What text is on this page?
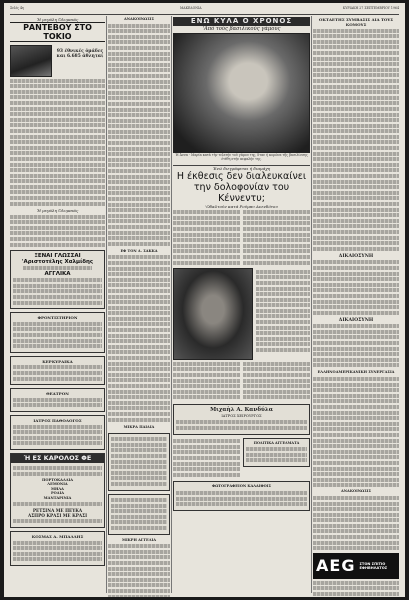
Σελίς 4η	ΜΑΚΕΔΟΝΙΑ	ΚΥΡΙΑΚΗ 27 ΣΕΠΤΕΜΒΡΙΟΥ 1964
Ή μεγάλη Όλυμπιάς
ΡΑΝΤΕΒΟΥ ΣΤΟ ΤΟΚΙΟ
93 έθνικές όμάδες και 6.685 άθληταί
Ή μεγάλη Όλυμπιάς
ΞΕΝΑΙ ΓΛΩΣΣΑΙ
'Αριστοτέλης Χαλμίδης
ΑΓΓΛΙΚΑ
ΦΡΟΝΤΙΣΤΗΡΙΟΝ
ΚΕΡΚΥΡΑΙΚΑ
ΘΕΑΤΡΟΝ
ΙΑΤΡΟΣ ΠΑΘΟΛΟΓΟΣ
Ή ΕΣ ΚΑΡΟΛΟΣ ΦΕ
ΠΟΡΤΟΚΑΛΛΙΑ
ΛΕΜΟΝΙΑ
ΜΗΛΑ
ΡΟΔΙΑ
ΜΑΝΤΑΡΙΝΙΑ
ΡΕΤΣΙΝΑ ΜΕ ΠΕΥΚΑ
ΑΣΠΡΟ ΚΡΑΣΙ ΜΕ ΚΡΑΣΙ
ΚΟΣΜΑΣ Α. ΜΠΑΛΛΗΣ
ΑΝΑΚΟΙΝΩΣΙΣ
ΕΦ ΤΟΝ Δ. ΣΑΚΚΑ
ΜΙΚΡΑ ΠΑΙΔΙΑ
ΜΙΚΡΗ ΑΓΓΕΛΙΑ
ΕΝΩ ΚΥΛΑ Ο ΧΡΟΝΟΣ
'Από τούς βασιλικούς γάμους
Ή Άννα - Μαρία κατά τήν τελετήν τοῦ γάμου της, ὅταν ἡ κορώνα τῆς βασιλίσσης ἐτέθη στήν κεφαλήν της.
Ένώ διεγράφεται ή διαμάχη
Η έκθεσις δεν διαλευκαίνει την δολοφονίαν του Κέννεντυ;
'Ωδαλτούν κατά Ρούμπυ Ανενδότου
Μιχαὴλ Α. Κανδύλα
ΙΑΤΡΟΣ ΧΕΙΡΟΥΡΓΟΣ
ΠΟΛΙΤΙΚΑ ΑΓΓΕΛΜΑΤΑ
ΦΩΤΟΓΡΑΦΕΙΟΝ ΚΑΛΑΙΦΟΙΣ
ΟΚΤΑΕΤΗΣ ΣΥΜΒΑΣΙΣ ΔΙΑ ΤΟΥΣ ΚΟΜΟΥΣ
ΔΙΚΑΙΟΣΥΝΗ
ΔΙΚΑΙΟΣΥΝΗ
ΕΛΛΗΝΟΑΜΕΡΙΚΑΝΙΚΗ ΣΥΝΕΡΓΑΣΙΑ
ΑΝΑΚΟΙΝΩΣΙΣ
AEG ΣΤΟΝ ΣΠΙΤΙΟ ΕΦΗΒΗΛΑΤΟΣ
